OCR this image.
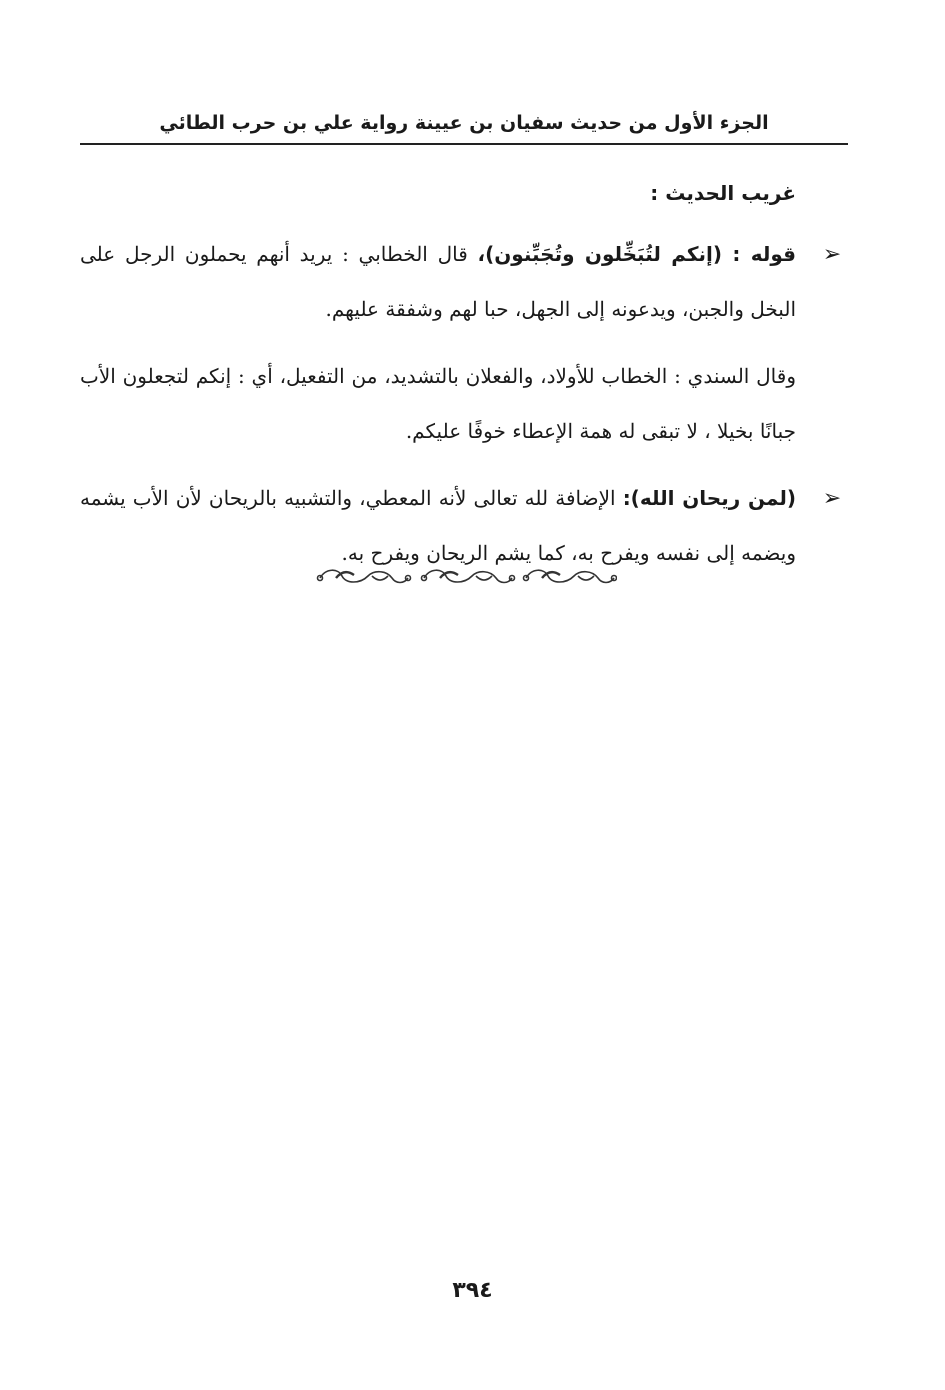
الجزء الأول من حديث سفيان بن عيينة رواية علي بن حرب الطائي
غريب الحديث :
➢
قوله : (إنكم لتُبَخِّلون وتُجَبِّنون)، قال الخطابي : يريد أنهم يحملون الرجل على البخل والجبن، ويدعونه إلى الجهل، حبا لهم وشفقة عليهم.
وقال السندي : الخطاب للأولاد، والفعلان بالتشديد، من التفعيل، أي : إنكم لتجعلون الأب جبانًا بخيلا ، لا تبقى له همة الإعطاء خوفًا عليكم.
➢
(لمن ريحان الله): الإضافة لله تعالى لأنه المعطي، والتشبيه بالريحان لأن الأب يشمه ويضمه إلى نفسه ويفرح به، كما يشم الريحان ويفرح به.
٣٩٤
